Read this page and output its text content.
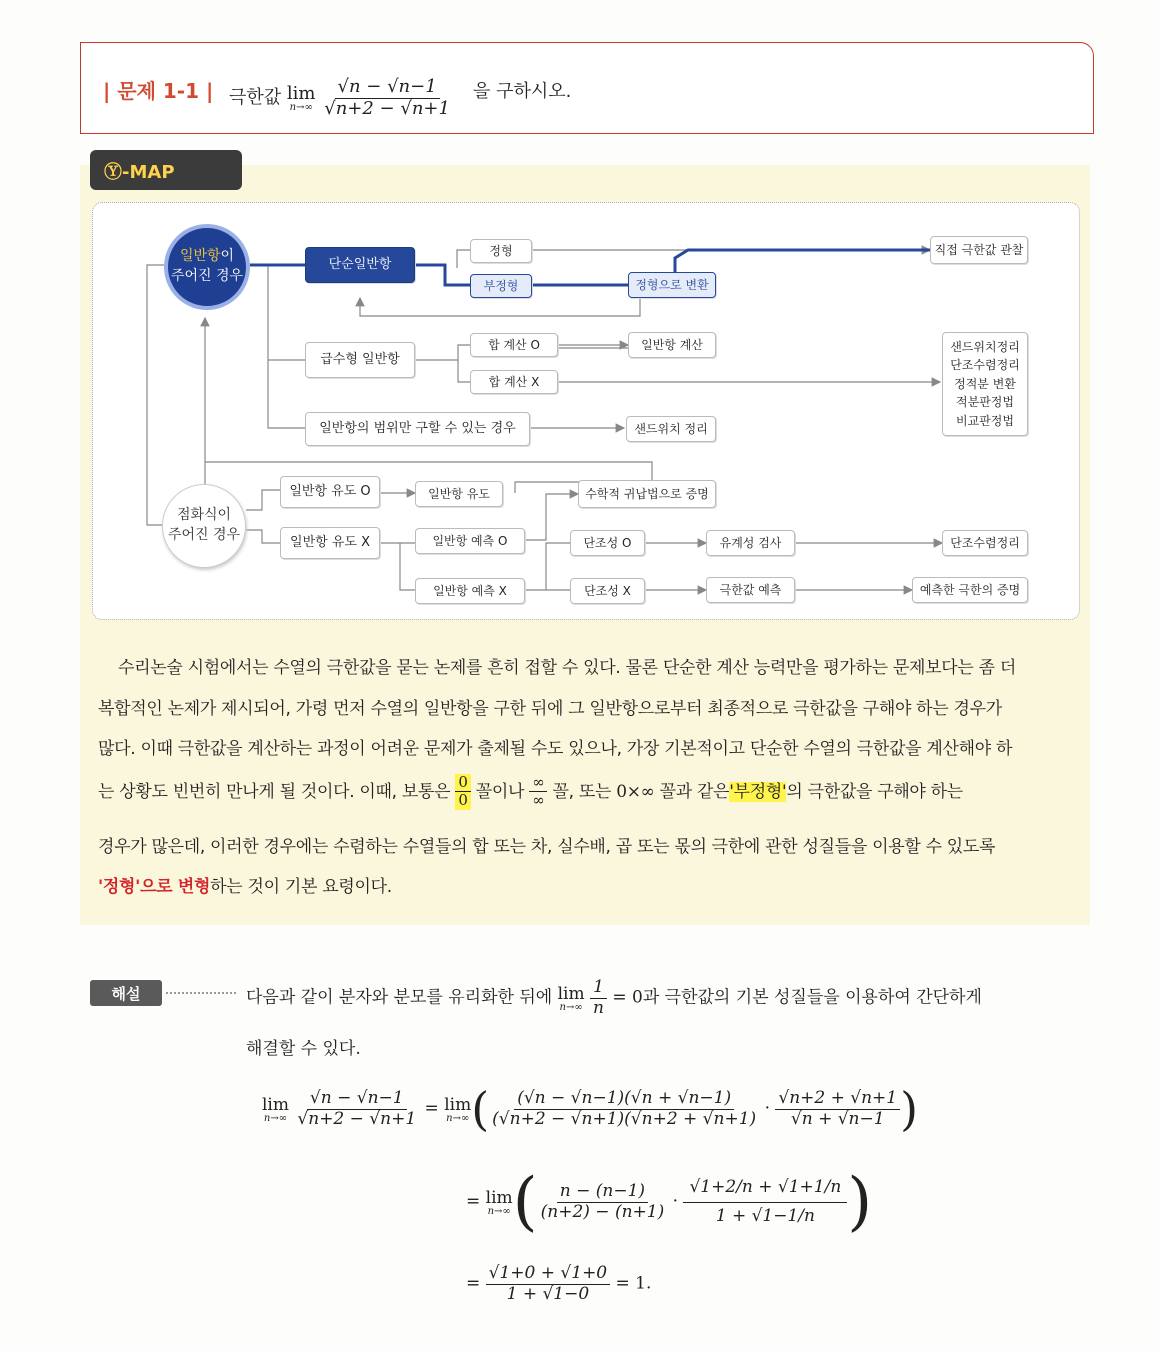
| 문제 1-1 | 극한값 lim
n→∞
$\frac{√n - √n-1}{√n+2 - √n+1}$ 을 구하시오.
Ⓨ-MAP
일반항이
주어진 경우
점화식이
주어진 경우
단순일반항
정형
부정형	정형으로 변환
직접 극한값 관찰
급수형 일반항
합 계산 O
합 계산 X
일반항 계산	샌드위치정리
단조수렴정리
정적분 변환
적분판정법
비교판정법
일반항의 범위만 구할 수 있는 경우	샌드위치 정리
일반항 유도 O	일반항 유도
일반항 유도 X
수학적 귀납법으로 증명
일반항 예측 O
일반항 예측 X
단조성 O
단조성 X
유계성 검사
극한값 예측
단조수렴정리
예측한 극한의 증명
수리논술 시험에서는 수열의 극한값을 묻는 논제를 흔히 접할 수 있다. 물론 단순한 계산 능력만을 평가하는 문제보다는 좀 더
복합적인 논제가 제시되어, 가령 먼저 수열의 일반항을 구한 뒤에 그 일반항으로부터 최종적으로 극한값을 구해야 하는 경우가
많다. 이때 극한값을 계산하는 과정이 어려운 문제가 출제될 수도 있으나, 가장 기본적이고 단순한 수열의 극한값을 계산해야 하
는 상황도 빈번히 만나게 될 것이다. 이때, 보통은 $\frac{0}{0}$ 꼴이나 $\frac{\infty}{\infty}$ 꼴, 또는 0×∞ 꼴과 같은'부정형'의 극한값을 구해야 하는
경우가 많은데, 이러한 경우에는 수렴하는 수열들의 합 또는 차, 실수배, 곱 또는 몫의 극한에 관한 성질들을 이용할 수 있도록
'정형'으로 변형하는 것이 기본 요령이다.
해설	다음과 같이 분자와 분모를 유리화한 뒤에 lim
n→∞
$\frac{1}{n} = 0$과 극한값의 기본 성질들을 이용하여 간단하게
해결할 수 있다.
lim
n→∞
$\frac{√n - √n-1}{√n+2 - √n+1} = \lim$
n→∞ ( $\frac{(√n - √n-1)(√n + √n-1)}{(√n+2 - √n+1)(√n+2 + √n+1)} \cdot \frac{√n+2 + √n+1}{√n + √n-1}$ )
= lim
n→∞ ( $\frac{n - (n-1)}{(n+2) - (n+1)} \cdot \frac{√1+2/n + √1+1/n}{1 + √1-1/n}$ )
= $\frac{√1+0 + √1+0}{1 + √1-0} = 1$.
